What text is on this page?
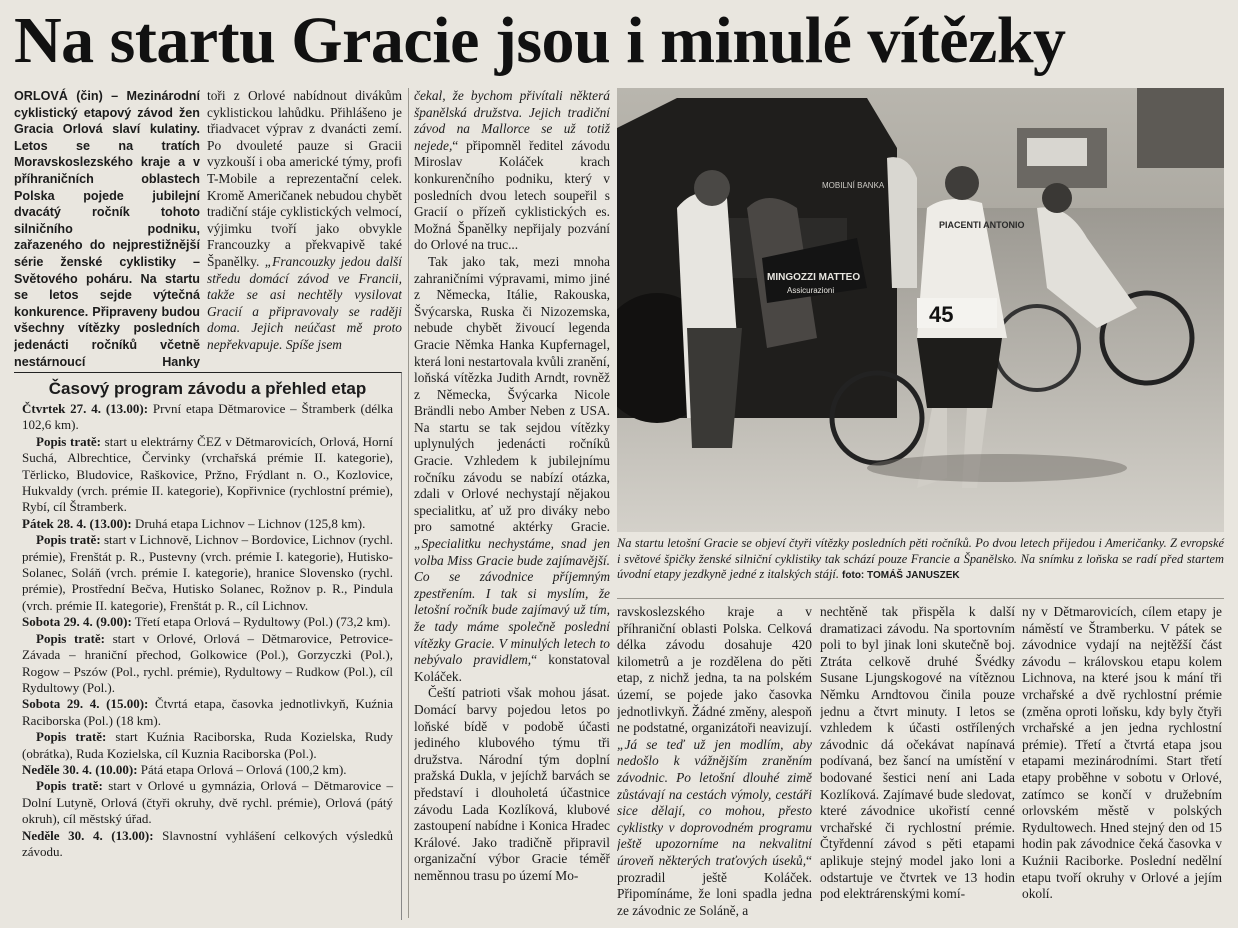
Na startu Gracie jsou i minulé vítězky

ORLOVÁ (čin) – Mezinárodní cyklistický etapový závod žen Gracia Orlová slaví kulatiny. Letos se na tratích Moravskoslezského kraje a v příhraničních oblastech Polska pojede jubilejní dvacátý ročník tohoto silničního podniku, zařazeného do nejprestižnější série ženské cyklistiky – Světového poháru. Na startu se letos sejde výtečná konkurence. Připraveny budou všechny vítězky posledních jedenácti ročníků včetně nestárnoucí Hanky

toři z Orlové nabídnout divákům cyklistickou lahůdku. Přihlášeno je třiadvacet výprav z dvanácti zemí. Po dvouleté pauze si Gracii vyzkouší i oba americké týmy, profi T-Mobile a reprezentační celek. Kromě Američanek nebudou chybět tradiční stáje cyklistických velmocí, výjimku tvoří jako obvykle Francouzky a překvapivě také Španělky. „Francouzky jedou další středu domácí závod ve Francii, takže se asi nechtěly vysilovat Gracií a připravovaly se raději doma. Jejich neúčast mě proto nepřekvapuje. Spíše jsem

čekal, že bychom přivítali některá španělská družstva. Jejich tradiční závod na Mallorce se už totiž nejede,“ připomněl ředitel závodu Miroslav Koláček krach konkurenčního podniku, který v posledních dvou letech soupeřil s Gracií o přízeň cyklistických es. Možná Španělky nepřijaly pozvání do Orlové na truc...

Tak jako tak, mezi mnoha zahraničními výpravami, mimo jiné z Německa, Itálie, Rakouska, Švýcarska, Ruska či Nizozemska, nebude chybět živoucí legenda Gracie Němka Hanka Kupfernagel, která loni nestartovala kvůli zranění, loňská vítězka Judith Arndt, rovněž z Německa, Švýcarka Nicole Brändli nebo Amber Neben z USA. Na startu se tak sejdou vítězky uplynulých jedenácti ročníků Gracie. Vzhledem k jubilejnímu ročníku závodu se nabízí otázka, zdali v Orlové nechystají nějakou specialitku, ať už pro diváky nebo pro samotné aktérky Gracie. „Specialitku nechystáme, snad jen volba Miss Gracie bude zajímavější. Co se závodnice příjemným zpestřením. I tak si myslím, že letošní ročník bude zajímavý už tím, že tady máme společně poslední vítězky Gracie. V minulých letech to nebývalo pravidlem,“ konstatoval Koláček.

Čeští patrioti však mohou jásat. Domácí barvy pojedou letos po loňské bídě v podobě účasti jediného klubového týmu tři družstva. Národní tým doplní pražská Dukla, v jejíchž barvách se představí i dlouholetá účastnice závodu Lada Kozlíková, klubové zastoupení nabídne i Konica Hradec Králové. Jako tradičně připravil organizační výbor Gracie téměř neměnnou trasu po území Mo-

Časový program závodu a přehled etap

Čtvrtek 27. 4. (13.00): První etapa Dětmarovice – Štramberk (délka 102,6 km).

Popis tratě: start u elektrárny ČEZ v Dětmarovicích, Orlová, Horní Suchá, Albrechtice, Červinky (vrchařská prémie II. kategorie), Těrlicko, Bludovice, Raškovice, Pržno, Frýdlant n. O., Kozlovice, Hukvaldy (vrch. prémie II. kategorie), Kopřivnice (rychlostní prémie), Rybí, cíl Štramberk.

Pátek 28. 4. (13.00): Druhá etapa Lichnov – Lichnov (125,8 km).

Popis tratě: start v Lichnově, Lichnov – Bordovice, Lichnov (rychl. prémie), Frenštát p. R., Pustevny (vrch. prémie I. kategorie), Hutisko-Solanec, Soláň (vrch. prémie I. kategorie), hranice Slovensko (rychl. prémie), Prostřední Bečva, Hutisko Solanec, Rožnov p. R., Pindula (vrch. prémie II. kategorie), Frenštát p. R., cíl Lichnov.

Sobota 29. 4. (9.00): Třetí etapa Orlová – Rydultowy (Pol.) (73,2 km).

Popis tratě: start v Orlové, Orlová – Dětmarovice, Petrovice-Závada – hraniční přechod, Golkowice (Pol.), Gorzyczki (Pol.), Rogow – Pszów (Pol., rychl. prémie), Rydultowy – Rudkow (Pol.), cíl Rydultowy (Pol.).

Sobota 29. 4. (15.00): Čtvrtá etapa, časovka jednotlivkyň, Kuźnia Raciborska (Pol.) (18 km).

Popis tratě: start Kuźnia Raciborska, Ruda Kozielska, Rudy (obrátka), Ruda Kozielska, cíl Kuznia Raciborska (Pol.).

Neděle 30. 4. (10.00): Pátá etapa Orlová – Orlová (100,2 km).

Popis tratě: start v Orlové u gymnázia, Orlová – Dětmarovice – Dolní Lutyně, Orlová (čtyři okruhy, dvě rychl. prémie), Orlová (pátý okruh), cíl městský úřad.

Neděle 30. 4. (13.00): Slavnostní vyhlášení celkových výsledků závodu.

MOBILNÍ BANKA
MINGOZZI MATTEO
Assicurazioni
PIACENTI ANTONIO
45
Na startu letošní Gracie se objeví čtyři vítězky posledních pěti ročníků. Po dvou letech přijedou i Američanky. Z evropské i světové špičky ženské silniční cyklistiky tak schází pouze Francie a Španělsko. Na snímku z loňska se radí před startem úvodní etapy jezdkyně jedné z italských stájí. foto: TOMÁŠ JANUSZEK

ravskoslezského kraje a v příhraniční oblasti Polska. Celková délka závodu dosahuje 420 kilometrů a je rozdělena do pěti etap, z nichž jedna, ta na polském území, se pojede jako časovka jednotlivkyň. Žádné změny, alespoň ne podstatné, organizátoři neavizují. „Já se teď už jen modlím, aby nedošlo k vážnějším zraněním závodnic. Po letošní dlouhé zimě zůstávají na cestách výmoly, cestáři sice dělají, co mohou, přesto cyklistky v doprovodném programu ještě upozorníme na nekvalitní úroveň některých traťových úseků,“ prozradil ještě Koláček. Připomínáme, že loni spadla jedna ze závodnic ze Soláně, a

nechtěně tak přispěla k další dramatizaci závodu. Na sportovním poli to byl jinak loni skutečně boj. Ztráta celkově druhé Švédky Susane Ljungskogové na vítěznou Němku Arndtovou činila pouze jednu a čtvrt minuty. I letos se vzhledem k účasti ostřílených závodnic dá očekávat napínavá podívaná, bez šancí na umístění v bodované šestici není ani Lada Kozlíková. Zajímavé bude sledovat, které závodnice ukořistí cenné vrchařské či rychlostní prémie. Čtyřdenní závod s pěti etapami aplikuje stejný model jako loni a odstartuje ve čtvrtek ve 13 hodin pod elektrárenskými komí-

ny v Dětmarovicích, cílem etapy je náměstí ve Štramberku. V pátek se závodnice vydají na nejtěžší část závodu – královskou etapu kolem Lichnova, na které jsou k mání tři vrchařské a dvě rychlostní prémie (změna oproti loňsku, kdy byly čtyři vrchařské a jen jedna rychlostní prémie). Třetí a čtvrtá etapa jsou etapami mezinárodními. Start třetí etapy proběhne v sobotu v Orlové, zatímco se končí v družebním orlovském městě v polských Rydultowech. Hned stejný den od 15 hodin pak závodnice čeká časovka v Kuźnii Raciborke. Poslední nedělní etapu tvoří okruhy v Orlové a jejím okolí.
